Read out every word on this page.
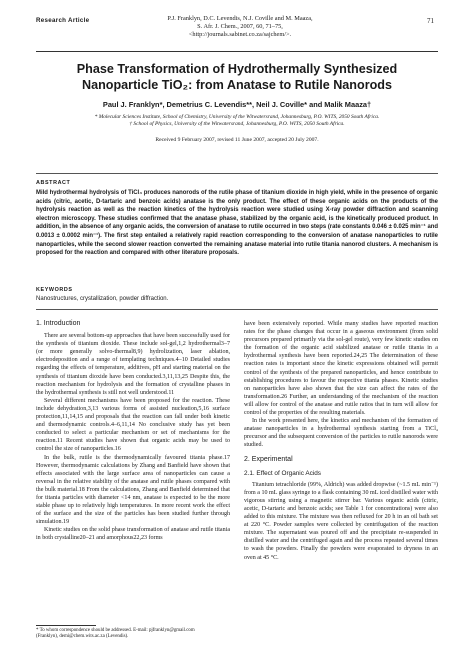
Research Article	P.J. Franklyn, D.C. Levendis, N.J. Coville and M. Maaza,
S. Afr. J. Chem., 2007, 60, 71–75,
<http://journals.sabinet.co.za/sajchem/>.
71
Phase Transformation of Hydrothermally Synthesized
Nanoparticle TiO₂: from Anatase to Rutile Nanorods
Paul J. Franklyn*, Demetrius C. Levendis**, Neil J. Coville* and Malik Maaza†
* Molecular Sciences Institute, School of Chemistry, University of the Witwatersrand, Johannesburg, P.O. WITS, 2050 South Africa.
† School of Physics, University of the Witwatersrand, Johannesburg, P.O. WITS, 2050 South Africa.
Received 9 February 2007, revised 11 June 2007, accepted 20 July 2007.
ABSTRACT
Mild hydrothermal hydrolysis of TiCl₄ produces nanorods of the rutile phase of titanium dioxide in high yield, while in the presence of organic acids (citric, acetic, D-tartaric and benzoic acids) anatase is the only product. The effect of these organic acids on the products of the hydrolysis reaction as well as the reaction kinetics of the hydrolysis reaction were studied using X-ray powder diffraction and scanning electron microscopy. These studies confirmed that the anatase phase, stabilized by the organic acid, is the kinetically produced product. In addition, in the absence of any organic acids, the conversion of anatase to rutile occurred in two steps (rate constants 0.046 ± 0.025 min⁻¹ and 0.0013 ± 0.0002 min⁻¹). The first step entailed a relatively rapid reaction corresponding to the conversion of anatase nanoparticles to rutile nanoparticles, while the second slower reaction converted the remaining anatase material into rutile titania nanorod clusters. A mechanism is proposed for the reaction and compared with other literature proposals.
KEYWORDS
Nanostructures, crystallization, powder diffraction.
1. Introduction

There are several bottom-up approaches that have been successfully used for the synthesis of titanium dioxide. These include sol-gel,1,2 hydrothermal3–7 (or more generally solvo-thermal8,9) hydrolization, laser ablation, electrodeposition and a range of templating techniques.4–10 Detailed studies regarding the effects of temperature, additives, pH and starting material on the synthesis of titanium dioxide have been conducted.3,11,13,25 Despite this, the reaction mechanism for hydrolysis and the formation of crystalline phases in the hydrothermal synthesis is still not well understood.11

Several different mechanisms have been proposed for the reaction. These include dehydration,3,13 various forms of assisted nucleation,5,16 surface protection,11,14,15 and proposals that the reaction can fall under both kinetic and thermodynamic controls.4–6,11,14 No conclusive study has yet been conducted to select a particular mechanism or set of mechanisms for the reaction.11 Recent studies have shown that organic acids may be used to control the size of nanoparticles.16

In the bulk, rutile is the thermodynamically favoured titania phase.17 However, thermodynamic calculations by Zhang and Banfield have shown that effects associated with the large surface area of nanoparticles can cause a reversal in the relative stability of the anatase and rutile phases compared with the bulk material.18 From the calculations, Zhang and Banfield determined that for titania particles with diameter <14 nm, anatase is expected to be the more stable phase up to relatively high temperatures. In more recent work the effect of the surface and the size of the particles has been studied further through simulation.19

Kinetic studies on the solid phase transformation of anatase and rutile titania in both crystalline20–21 and amorphous22,23 forms

have been extensively reported. While many studies have reported reaction rates for the phase changes that occur in a gaseous environment (from solid precursors prepared primarily via the sol-gel route), very few kinetic studies on the formation of the organic acid stabilized anatase or rutile titania in a hydrothermal synthesis have been reported.24,25 The determination of these reaction rates is important since the kinetic expressions obtained will permit control of the synthesis of the prepared nanoparticles, and hence contribute to establishing procedures to favour the respective titania phases. Kinetic studies on nanoparticles have also shown that the size can affect the rates of the transformation.26 Further, an understanding of the mechanism of the reaction will allow for control of the anatase and rutile ratios that in turn will allow for control of the properties of the resulting materials.

In the work presented here, the kinetics and mechanism of the formation of anatase nanoparticles in a hydrothermal synthesis starting from a TiCl₄ precursor and the subsequent conversion of the particles to rutile nanorods were studied.

2. Experimental
2.1. Effect of Organic Acids

Titanium tetrachloride (99%, Aldrich) was added dropwise (~1.5 mL min⁻¹) from a 10 mL glass syringe to a flask containing 30 mL iced distilled water with vigorous stirring using a magnetic stirrer bar. Various organic acids (citric, acetic, D-tartaric and benzoic acids; see Table 1 for concentrations) were also added to this mixture. The mixture was then refluxed for 20 h in an oil bath set at 220 °C. Powder samples were collected by centrifugation of the reaction mixture. The supernatant was poured off and the precipitate re-suspended in distilled water and the centrifuged again and the process repeated several times to wash the powders. Finally the powders were evaporated to dryness in an oven at 45 °C.

* To whom correspondence should be addressed. E-mail: pjfranklyn@gmail.com
(Franklyn), demi@chem.wits.ac.za (Levendis).
